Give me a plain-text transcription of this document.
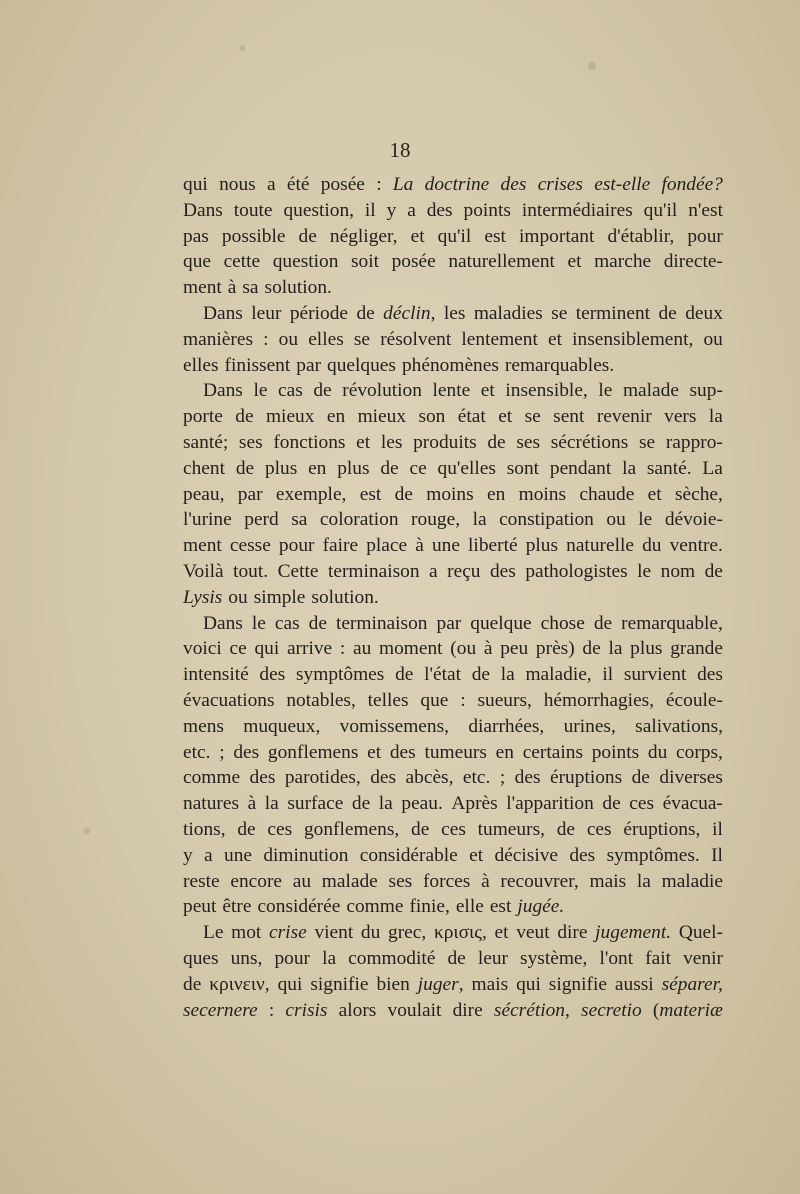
18
qui nous a été posée : La doctrine des crises est-elle fondée?
Dans toute question, il y a des points intermédiaires qu'il n'est
pas possible de négliger, et qu'il est important d'établir, pour
que cette question soit posée naturellement et marche directe-
ment à sa solution.
Dans leur période de déclin, les maladies se terminent de deux
manières : ou elles se résolvent lentement et insensiblement, ou
elles finissent par quelques phénomènes remarquables.
Dans le cas de révolution lente et insensible, le malade sup-
porte de mieux en mieux son état et se sent revenir vers la
santé; ses fonctions et les produits de ses sécrétions se rappro-
chent de plus en plus de ce qu'elles sont pendant la santé. La
peau, par exemple, est de moins en moins chaude et sèche,
l'urine perd sa coloration rouge, la constipation ou le dévoie-
ment cesse pour faire place à une liberté plus naturelle du ventre.
Voilà tout. Cette terminaison a reçu des pathologistes le nom de
Lysis ou simple solution.
Dans le cas de terminaison par quelque chose de remarquable,
voici ce qui arrive : au moment (ou à peu près) de la plus grande
intensité des symptômes de l'état de la maladie, il survient des
évacuations notables, telles que : sueurs, hémorrhagies, écoule-
mens muqueux, vomissemens, diarrhées, urines, salivations,
etc. ; des gonflemens et des tumeurs en certains points du corps,
comme des parotides, des abcès, etc. ; des éruptions de diverses
natures à la surface de la peau. Après l'apparition de ces évacua-
tions, de ces gonflemens, de ces tumeurs, de ces éruptions, il
y a une diminution considérable et décisive des symptômes. Il
reste encore au malade ses forces à recouvrer, mais la maladie
peut être considérée comme finie, elle est jugée.
Le mot crise vient du grec, κρισις, et veut dire jugement. Quel-
ques uns, pour la commodité de leur système, l'ont fait venir
de κρινειν, qui signifie bien juger, mais qui signifie aussi séparer,
secernere : crisis alors voulait dire sécrétion, secretio (materiæ
